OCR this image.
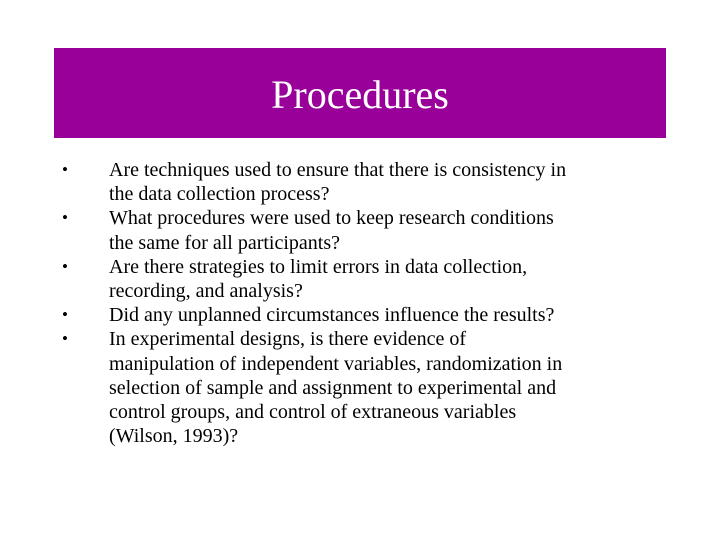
Procedures
• Are techniques used to ensure that there is consistency in
the data collection process?
• What procedures were used to keep research conditions
the same for all participants?
• Are there strategies to limit errors in data collection,
recording, and analysis?
• Did any unplanned circumstances influence the results?
• In experimental designs, is there evidence of
manipulation of independent variables, randomization in
selection of sample and assignment to experimental and
control groups, and control of extraneous variables
(Wilson, 1993)?
